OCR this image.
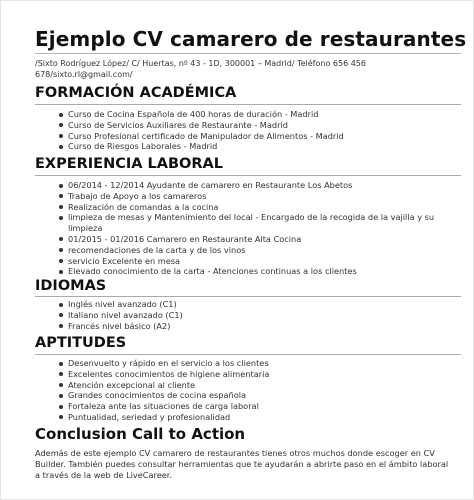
Ejemplo CV camarero de restaurantes
/Sixto Rodríguez López/ C/ Huertas, nº 43 - 1D, 300001 – Madrid/ Teléfono 656 456 678/sixto.rl@gmail.com/
FORMACIÓN ACADÉMICA
Curso de Cocina Española de 400 horas de duración - Madrid
Curso de Servicios Auxiliares de Restaurante - Madrid
Curso Profesional certificado de Manipulador de Alimentos - Madrid
Curso de Riesgos Laborales - Madrid
EXPERIENCIA LABORAL
06/2014 - 12/2014 Ayudante de camarero en Restaurante Los Abetos
Trabajo de Apoyo a los camareros
Realización de comandas a la cocina
limpieza de mesas y Mantenimiento del local - Encargado de la recogida de la vajilla y su limpieza
01/2015 - 01/2016 Camarero en Restaurante Alta Cocina
recomendaciones de la carta y de los vinos
servicio Excelente en mesa
Elevado conocimiento de la carta - Atenciones continuas a los clientes
IDIOMAS
Inglés nivel avanzado (C1)
Italiano nivel avanzado (C1)
Francés nivel básico (A2)
APTITUDES
Desenvuelto y rápido en el servicio a los clientes
Excelentes conocimientos de higiene alimentaria
Atención excepcional al cliente
Grandes conocimientos de cocina española
Fortaleza ante las situaciones de carga laboral
Puntualidad, seriedad y profesionalidad
Conclusion Call to Action
Además de este ejemplo CV camarero de restaurantes tienes otros muchos donde escoger en CV Builder. También puedes consultar herramientas que te ayudarán a abrirte paso en el ámbito laboral a través de la web de LiveCareer.
